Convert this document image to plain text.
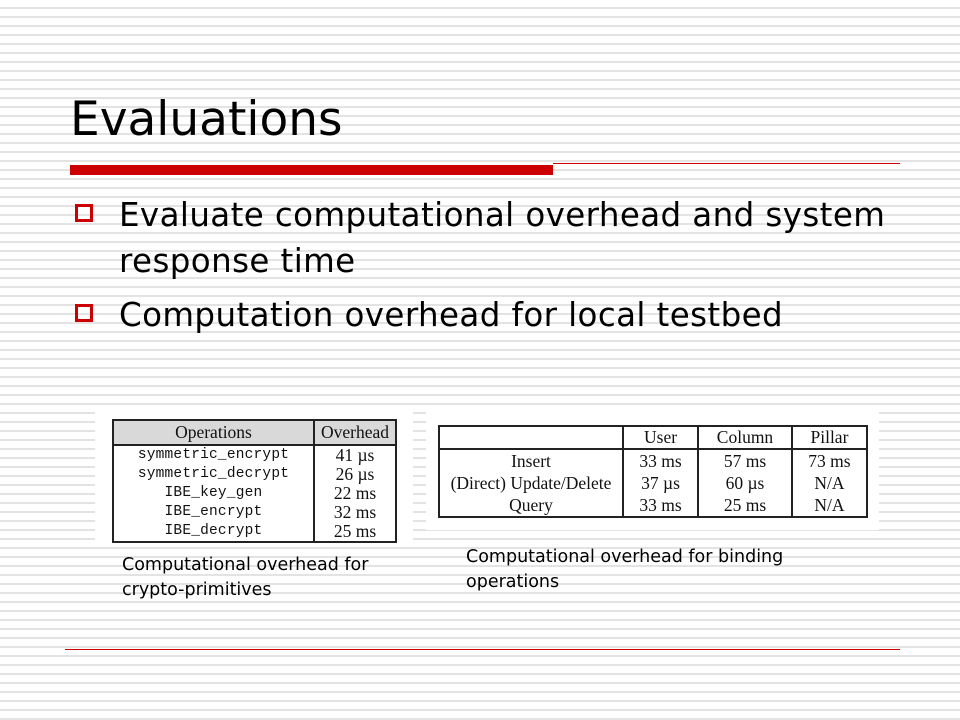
Evaluations
Evaluate computational overhead and system response time
Computation overhead for local testbed
Operations	Overhead
symmetric_encrypt	41 µs
symmetric_decrypt	26 µs
IBE_key_gen	22 ms
IBE_encrypt	32 ms
IBE_decrypt	25 ms
	User	Column	Pillar
Insert	33 ms	57 ms	73 ms
(Direct) Update/Delete	37 µs	60 µs	N/A
Query	33 ms	25 ms	N/A
Computational overhead for crypto-primitives
Computational overhead for binding operations
